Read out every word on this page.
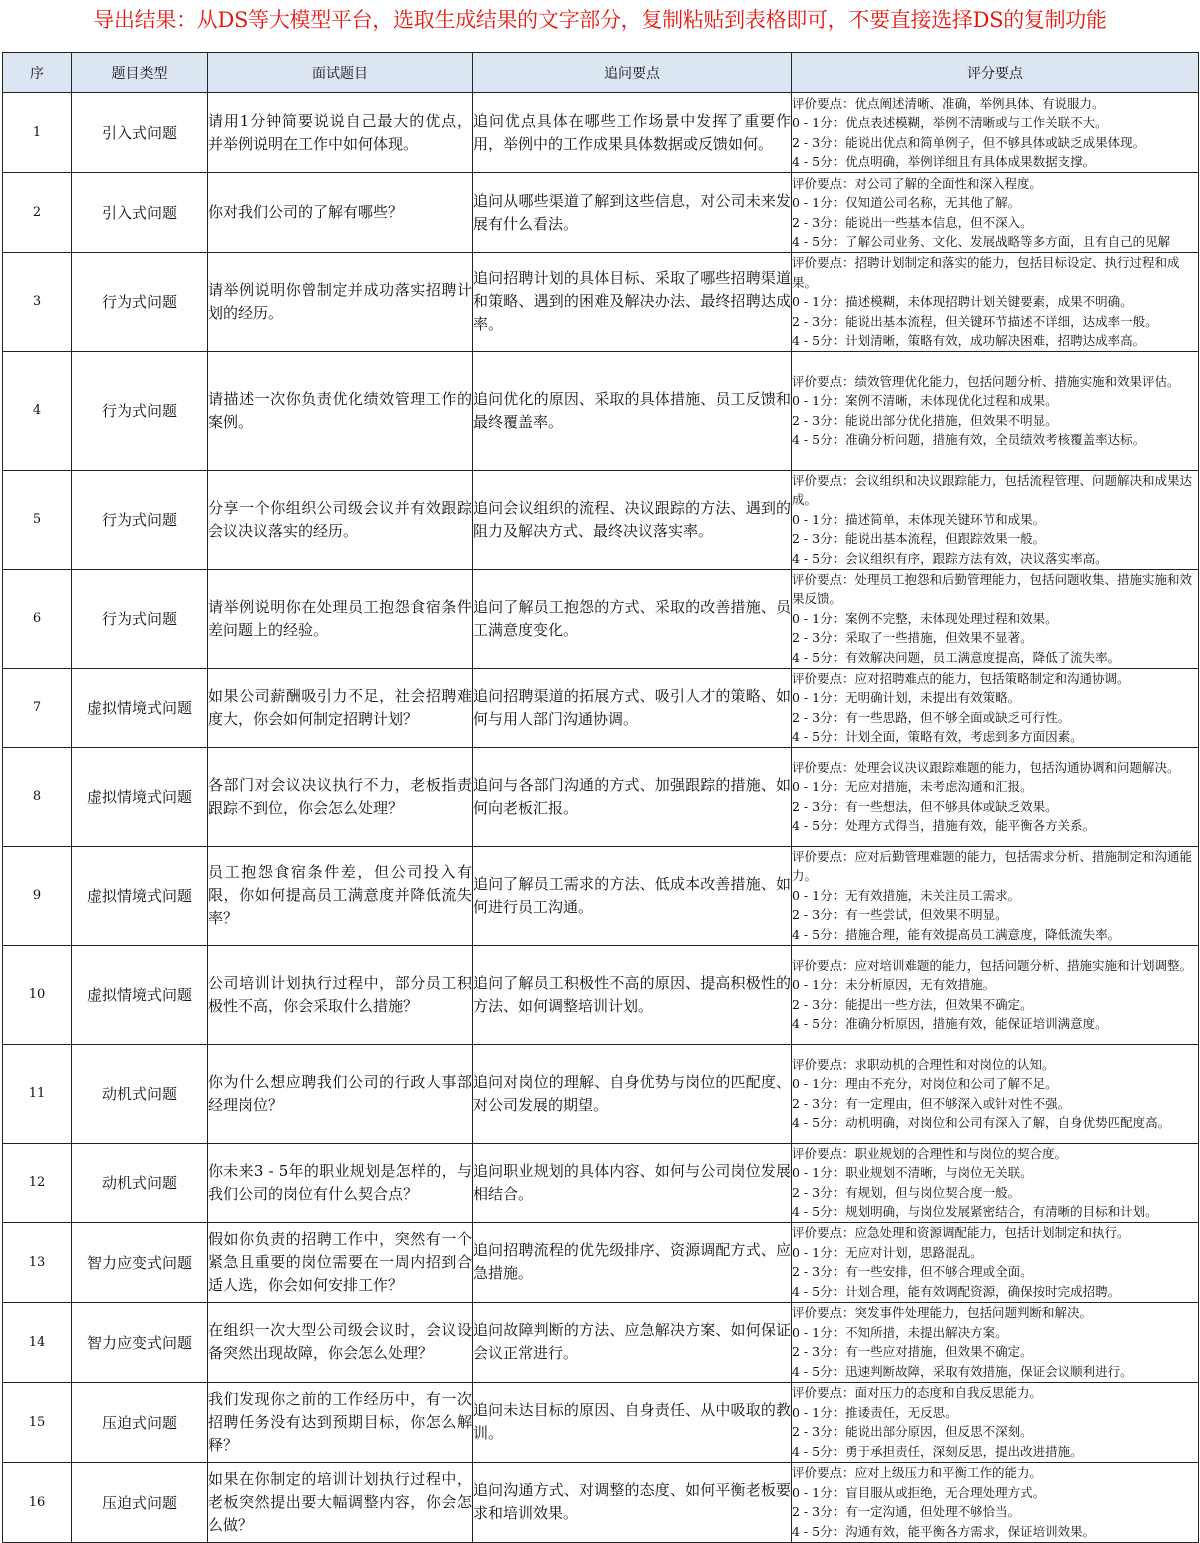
导出结果：从DS等大模型平台，选取生成结果的文字部分，复制粘贴到表格即可，不要直接选择DS的复制功能
序	题目类型	面试题目	追问要点	评分要点
1	引入式问题	请用1分钟简要说说自己最大的优点，并举例说明在工作中如何体现。	追问优点具体在哪些工作场景中发挥了重要作用，举例中的工作成果具体数据或反馈如何。	评价要点：优点阐述清晰、准确，举例具体、有说服力。
0 - 1分：优点表述模糊，举例不清晰或与工作关联不大。
2 - 3分：能说出优点和简单例子，但不够具体或缺乏成果体现。
4 - 5分：优点明确，举例详细且有具体成果数据支撑。

2	引入式问题	你对我们公司的了解有哪些？	追问从哪些渠道了解到这些信息，对公司未来发展有什么看法。	评价要点：对公司了解的全面性和深入程度。
0 - 1分：仅知道公司名称，无其他了解。
2 - 3分：能说出一些基本信息，但不深入。
4 - 5分：了解公司业务、文化、发展战略等多方面，且有自己的见解

3	行为式问题	请举例说明你曾制定并成功落实招聘计划的经历。	追问招聘计划的具体目标、采取了哪些招聘渠道和策略、遇到的困难及解决办法、最终招聘达成率。	评价要点：招聘计划制定和落实的能力，包括目标设定、执行过程和成果。
0 - 1分：描述模糊，未体现招聘计划关键要素，成果不明确。
2 - 3分：能说出基本流程，但关键环节描述不详细，达成率一般。
4 - 5分：计划清晰，策略有效，成功解决困难，招聘达成率高。

4	行为式问题	请描述一次你负责优化绩效管理工作的案例。	追问优化的原因、采取的具体措施、员工反馈和最终覆盖率。	评价要点：绩效管理优化能力，包括问题分析、措施实施和效果评估。
0 - 1分：案例不清晰，未体现优化过程和成果。
2 - 3分：能说出部分优化措施，但效果不明显。
4 - 5分：准确分析问题，措施有效，全员绩效考核覆盖率达标。

5	行为式问题	分享一个你组织公司级会议并有效跟踪会议决议落实的经历。	追问会议组织的流程、决议跟踪的方法、遇到的阻力及解决方式、最终决议落实率。	评价要点：会议组织和决议跟踪能力，包括流程管理、问题解决和成果达成。
0 - 1分：描述简单，未体现关键环节和成果。
2 - 3分：能说出基本流程，但跟踪效果一般。
4 - 5分：会议组织有序，跟踪方法有效，决议落实率高。

6	行为式问题	请举例说明你在处理员工抱怨食宿条件差问题上的经验。	追问了解员工抱怨的方式、采取的改善措施、员工满意度变化。	评价要点：处理员工抱怨和后勤管理能力，包括问题收集、措施实施和效果反馈。
0 - 1分：案例不完整，未体现处理过程和效果。
2 - 3分：采取了一些措施，但效果不显著。
4 - 5分：有效解决问题，员工满意度提高，降低了流失率。

7	虚拟情境式问题	如果公司薪酬吸引力不足，社会招聘难度大，你会如何制定招聘计划？	追问招聘渠道的拓展方式、吸引人才的策略、如何与用人部门沟通协调。	评价要点：应对招聘难点的能力，包括策略制定和沟通协调。
0 - 1分：无明确计划，未提出有效策略。
2 - 3分：有一些思路，但不够全面或缺乏可行性。
4 - 5分：计划全面，策略有效，考虑到多方面因素。

8	虚拟情境式问题	各部门对会议决议执行不力，老板指责跟踪不到位，你会怎么处理？	追问与各部门沟通的方式、加强跟踪的措施、如何向老板汇报。	评价要点：处理会议决议跟踪难题的能力，包括沟通协调和问题解决。
0 - 1分：无应对措施，未考虑沟通和汇报。
2 - 3分：有一些想法，但不够具体或缺乏效果。
4 - 5分：处理方式得当，措施有效，能平衡各方关系。

9	虚拟情境式问题	员工抱怨食宿条件差，但公司投入有限，你如何提高员工满意度并降低流失率？	追问了解员工需求的方法、低成本改善措施、如何进行员工沟通。	评价要点：应对后勤管理难题的能力，包括需求分析、措施制定和沟通能力。
0 - 1分：无有效措施，未关注员工需求。
2 - 3分：有一些尝试，但效果不明显。
4 - 5分：措施合理，能有效提高员工满意度，降低流失率。

10	虚拟情境式问题	公司培训计划执行过程中，部分员工积极性不高，你会采取什么措施？	追问了解员工积极性不高的原因、提高积极性的方法、如何调整培训计划。	评价要点：应对培训难题的能力，包括问题分析、措施实施和计划调整。
0 - 1分：未分析原因，无有效措施。
2 - 3分：能提出一些方法，但效果不确定。
4 - 5分：准确分析原因，措施有效，能保证培训满意度。

11	动机式问题	你为什么想应聘我们公司的行政人事部经理岗位？	追问对岗位的理解、自身优势与岗位的匹配度、对公司发展的期望。	评价要点：求职动机的合理性和对岗位的认知。
0 - 1分：理由不充分，对岗位和公司了解不足。
2 - 3分：有一定理由，但不够深入或针对性不强。
4 - 5分：动机明确，对岗位和公司有深入了解，自身优势匹配度高。

12	动机式问题	你未来3 - 5年的职业规划是怎样的，与我们公司的岗位有什么契合点？	追问职业规划的具体内容、如何与公司岗位发展相结合。	评价要点：职业规划的合理性和与岗位的契合度。
0 - 1分：职业规划不清晰，与岗位无关联。
2 - 3分：有规划，但与岗位契合度一般。
4 - 5分：规划明确，与岗位发展紧密结合，有清晰的目标和计划。

13	智力应变式问题	假如你负责的招聘工作中，突然有一个紧急且重要的岗位需要在一周内招到合适人选，你会如何安排工作？	追问招聘流程的优先级排序、资源调配方式、应急措施。	评价要点：应急处理和资源调配能力，包括计划制定和执行。
0 - 1分：无应对计划，思路混乱。
2 - 3分：有一些安排，但不够合理或全面。
4 - 5分：计划合理，能有效调配资源，确保按时完成招聘。

14	智力应变式问题	在组织一次大型公司级会议时，会议设备突然出现故障，你会怎么处理？	追问故障判断的方法、应急解决方案、如何保证会议正常进行。	评价要点：突发事件处理能力，包括问题判断和解决。
0 - 1分：不知所措，未提出解决方案。
2 - 3分：有一些应对措施，但效果不确定。
4 - 5分：迅速判断故障，采取有效措施，保证会议顺利进行。

15	压迫式问题	我们发现你之前的工作经历中，有一次招聘任务没有达到预期目标，你怎么解释？	追问未达目标的原因、自身责任、从中吸取的教训。	评价要点：面对压力的态度和自我反思能力。
0 - 1分：推诿责任，无反思。
2 - 3分：能说出部分原因，但反思不深刻。
4 - 5分：勇于承担责任，深刻反思，提出改进措施。

16	压迫式问题	如果在你制定的培训计划执行过程中，老板突然提出要大幅调整内容，你会怎么做？	追问沟通方式、对调整的态度、如何平衡老板要求和培训效果。	评价要点：应对上级压力和平衡工作的能力。
0 - 1分：盲目服从或拒绝，无合理处理方式。
2 - 3分：有一定沟通，但处理不够恰当。
4 - 5分：沟通有效，能平衡各方需求，保证培训效果。
